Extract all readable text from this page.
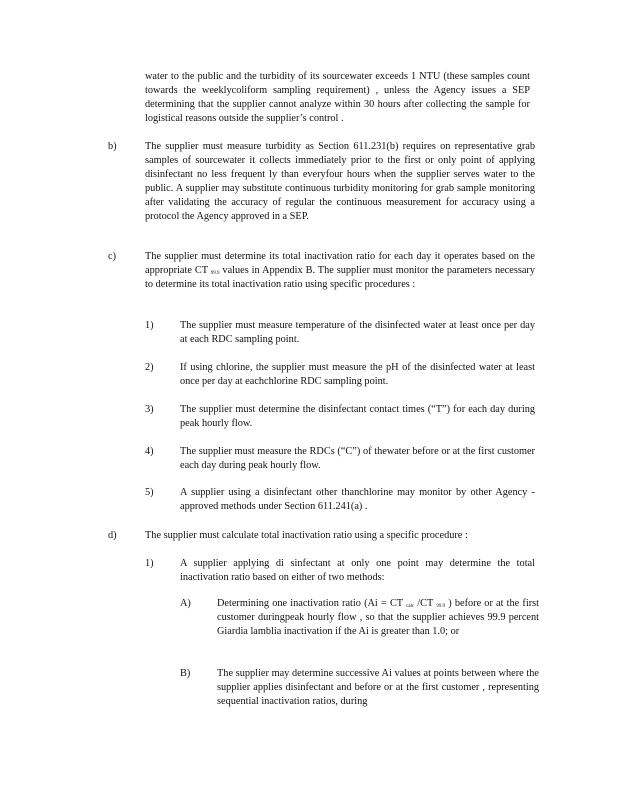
water to the public and the turbidity of its sourcewater exceeds 1 NTU (these samples count towards the weeklycoliform sampling requirement) , unless the Agency issues a SEP determining that the supplier cannot analyze within 30 hours after collecting the sample for logistical reasons outside the supplier’s control .

b)	The supplier must measure turbidity as Section 611.231(b) requires on representative grab samples of sourcewater it collects immediately prior to the first or only point of applying disinfectant no less frequent ly than everyfour hours when the supplier serves water to the public. A supplier may substitute continuous turbidity monitoring for grab sample monitoring after validating the accuracy of regular the continuous measurement for accuracy using a protocol the Agency approved in a SEP.

c)	The supplier must determine its total inactivation ratio for each day it operates based on the appropriate CT $_{99.9}$ values in Appendix B. The supplier must monitor the parameters necessary to determine its total inactivation ratio using specific procedures :

1)	The supplier must measure temperature of the disinfected water at least once per day at each RDC sampling point.

2)	If using chlorine, the supplier must measure the pH of the disinfected water at least once per day at eachchlorine RDC sampling point.

3)	The supplier must determine the disinfectant contact times (“T”) for each day during peak hourly flow.

4)	The supplier must measure the RDCs (“C”) of thewater before or at the first customer each day during peak hourly flow.

5)	A supplier using a disinfectant other thanchlorine may monitor by other Agency -approved methods under Section 611.241(a) .

d)	The supplier must calculate total inactivation ratio using a specific procedure :

1)	A supplier applying di sinfectant at only one point may determine the total inactivation ratio based on either of two methods:

A)	Determining one inactivation ratio (Ai = CT $_{calc}$ /CT $_{99.9}$ ) before or at the first customer duringpeak hourly flow , so that the supplier achieves 99.9 percent Giardia lamblia inactivation if the Ai is greater than 1.0; or

B)	The supplier may determine successive Ai values at points between where the supplier applies disinfectant and before or at the first customer , representing sequential inactivation ratios, during
